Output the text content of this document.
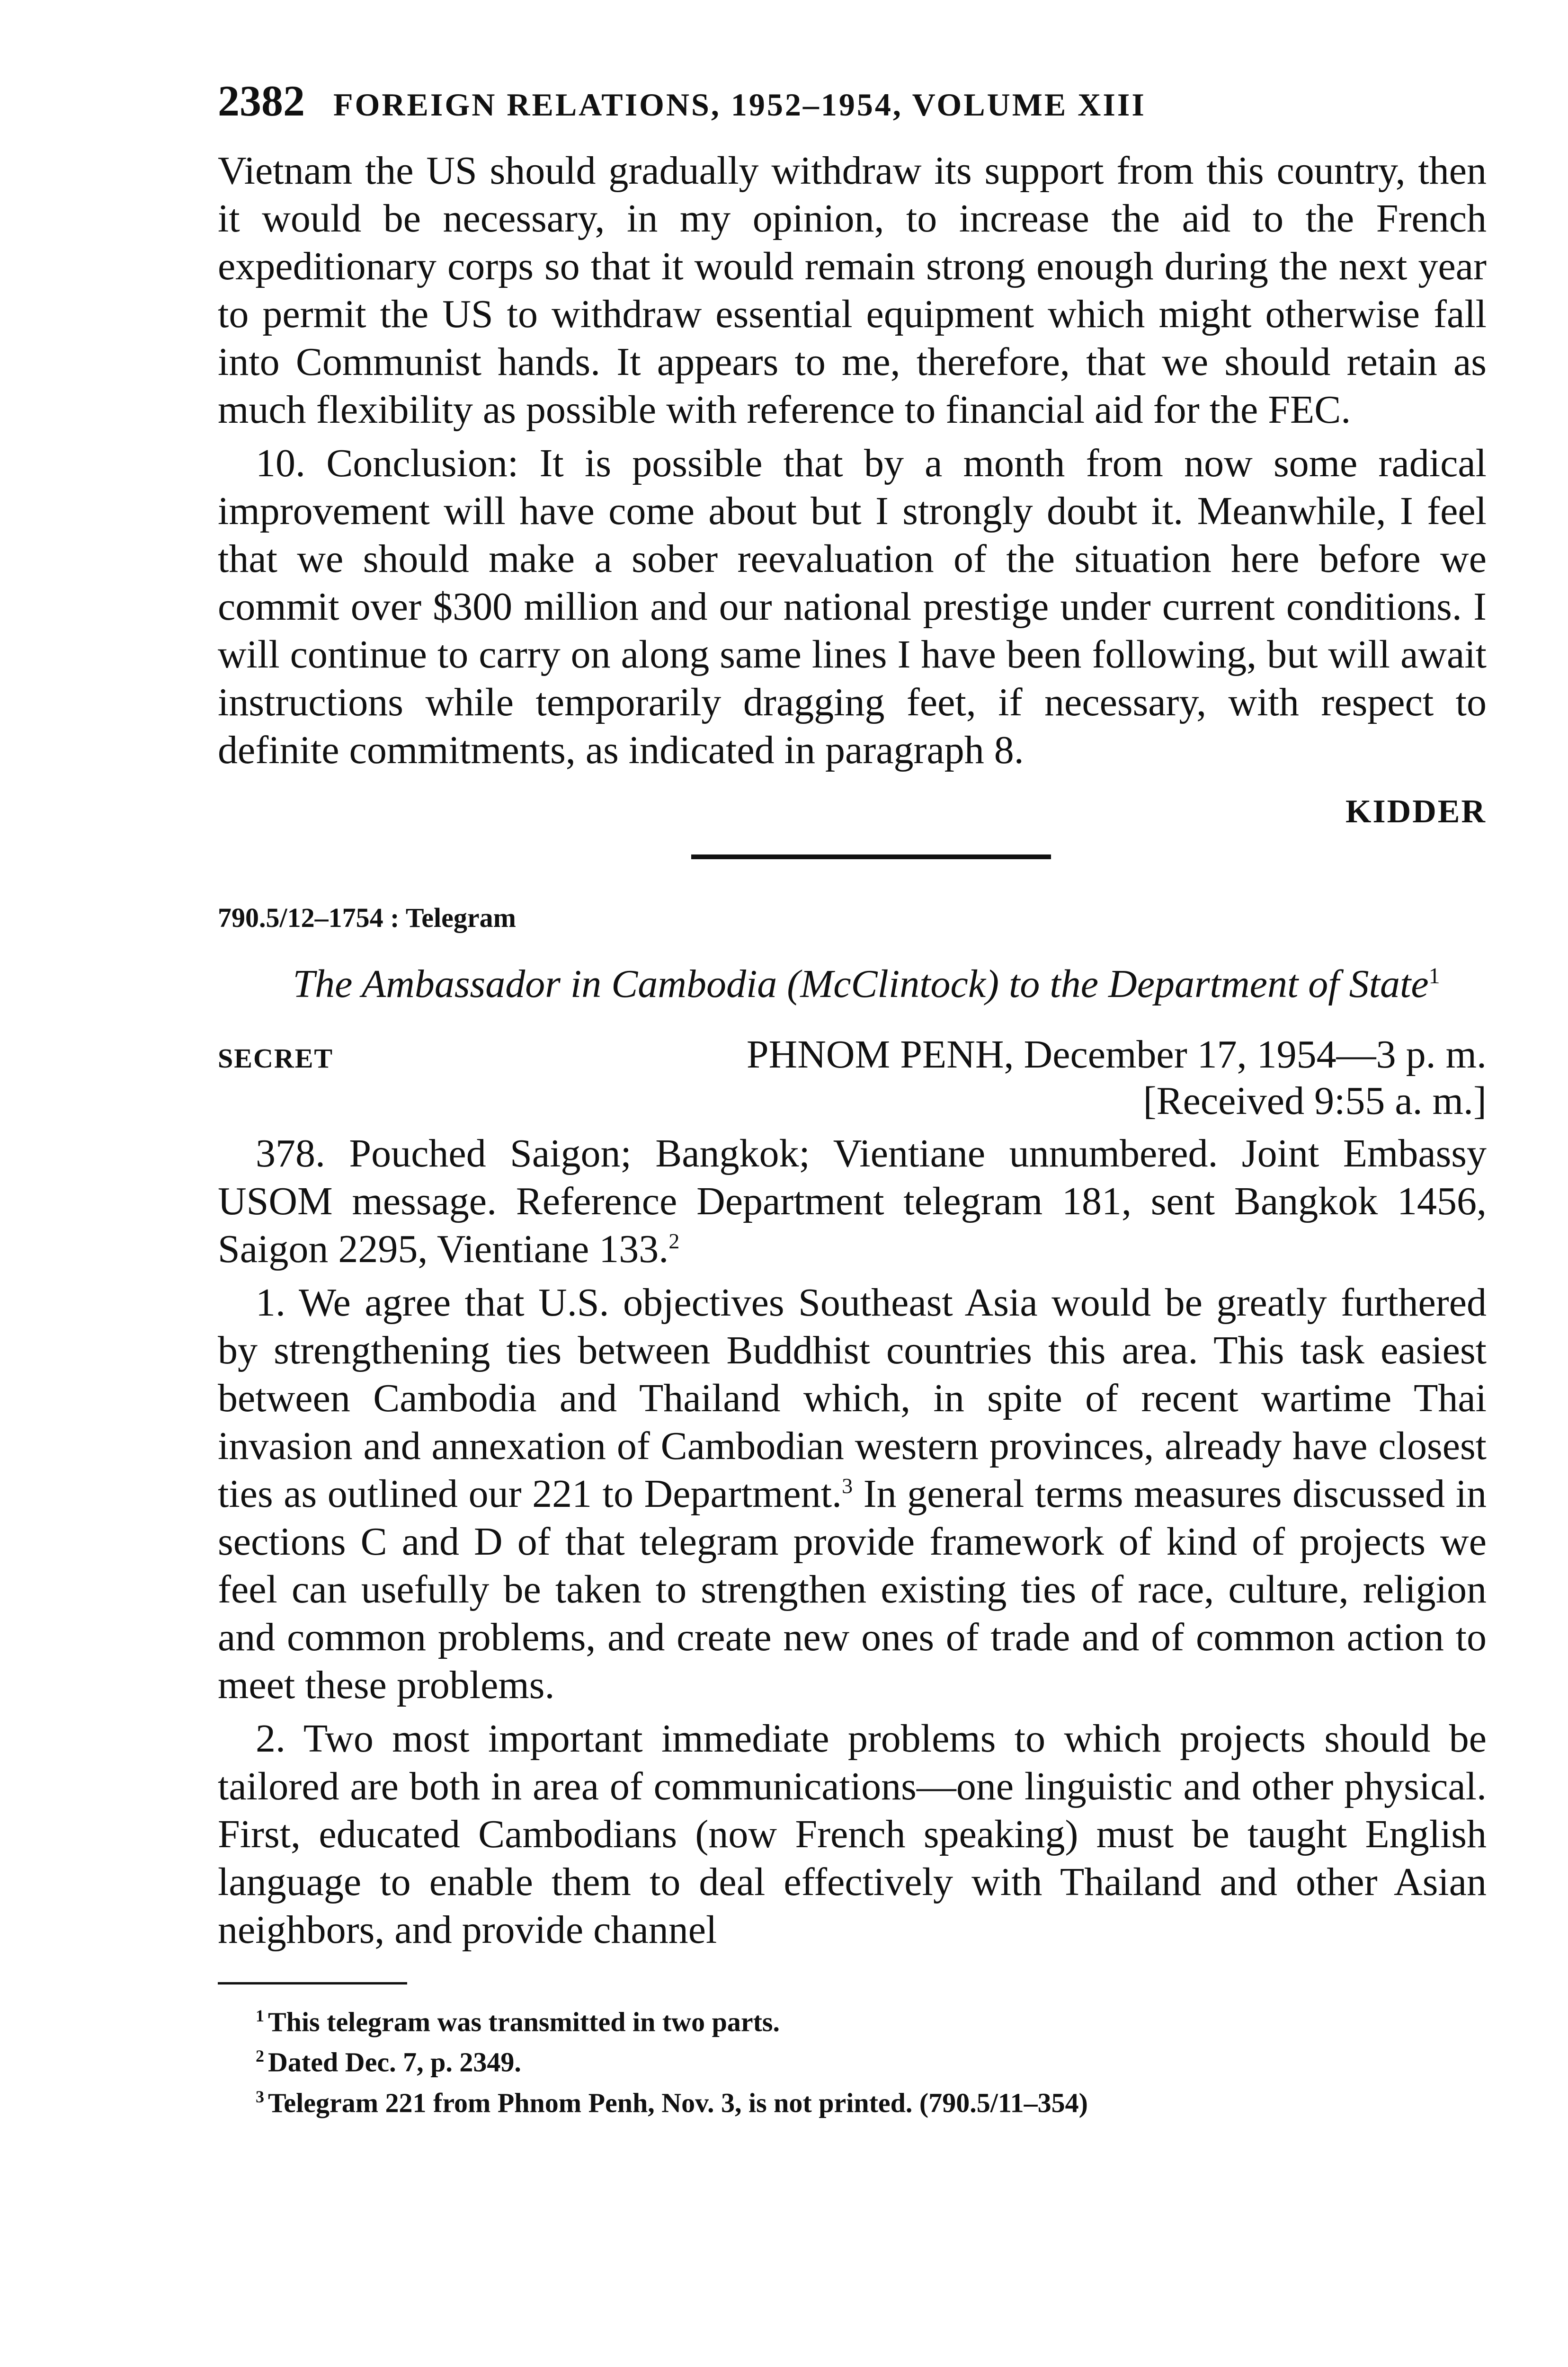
2382 FOREIGN RELATIONS, 1952–1954, VOLUME XIII

Vietnam the US should gradually withdraw its support from this country, then it would be necessary, in my opinion, to increase the aid to the French expeditionary corps so that it would remain strong enough during the next year to permit the US to withdraw essential equipment which might otherwise fall into Communist hands. It appears to me, therefore, that we should retain as much flexibility as possible with reference to financial aid for the FEC.

10. Conclusion: It is possible that by a month from now some radical improvement will have come about but I strongly doubt it. Meanwhile, I feel that we should make a sober reevaluation of the situation here before we commit over $300 million and our national prestige under current conditions. I will continue to carry on along same lines I have been following, but will await instructions while temporarily dragging feet, if necessary, with respect to definite commitments, as indicated in paragraph 8.

KIDDER
790.5/12–1754 : Telegram
The Ambassador in Cambodia (McClintock) to the Department of State$^1$
SECRET	PHNOM PENH, December 17, 1954—3 p. m.
[Received 9:55 a. m.]

378. Pouched Saigon; Bangkok; Vientiane unnumbered. Joint Embassy USOM message. Reference Department telegram 181, sent Bangkok 1456, Saigon 2295, Vientiane 133.$^2$

1. We agree that U.S. objectives Southeast Asia would be greatly furthered by strengthening ties between Buddhist countries this area. This task easiest between Cambodia and Thailand which, in spite of recent wartime Thai invasion and annexation of Cambodian western provinces, already have closest ties as outlined our 221 to Department.$^3$ In general terms measures discussed in sections C and D of that telegram provide framework of kind of projects we feel can usefully be taken to strengthen existing ties of race, culture, religion and common problems, and create new ones of trade and of common action to meet these problems.

2. Two most important immediate problems to which projects should be tailored are both in area of communications—one linguistic and other physical. First, educated Cambodians (now French speaking) must be taught English language to enable them to deal effectively with Thailand and other Asian neighbors, and provide channel

$^1$ This telegram was transmitted in two parts.
$^2$ Dated Dec. 7, p. 2349.
$^3$ Telegram 221 from Phnom Penh, Nov. 3, is not printed. (790.5/11–354)
